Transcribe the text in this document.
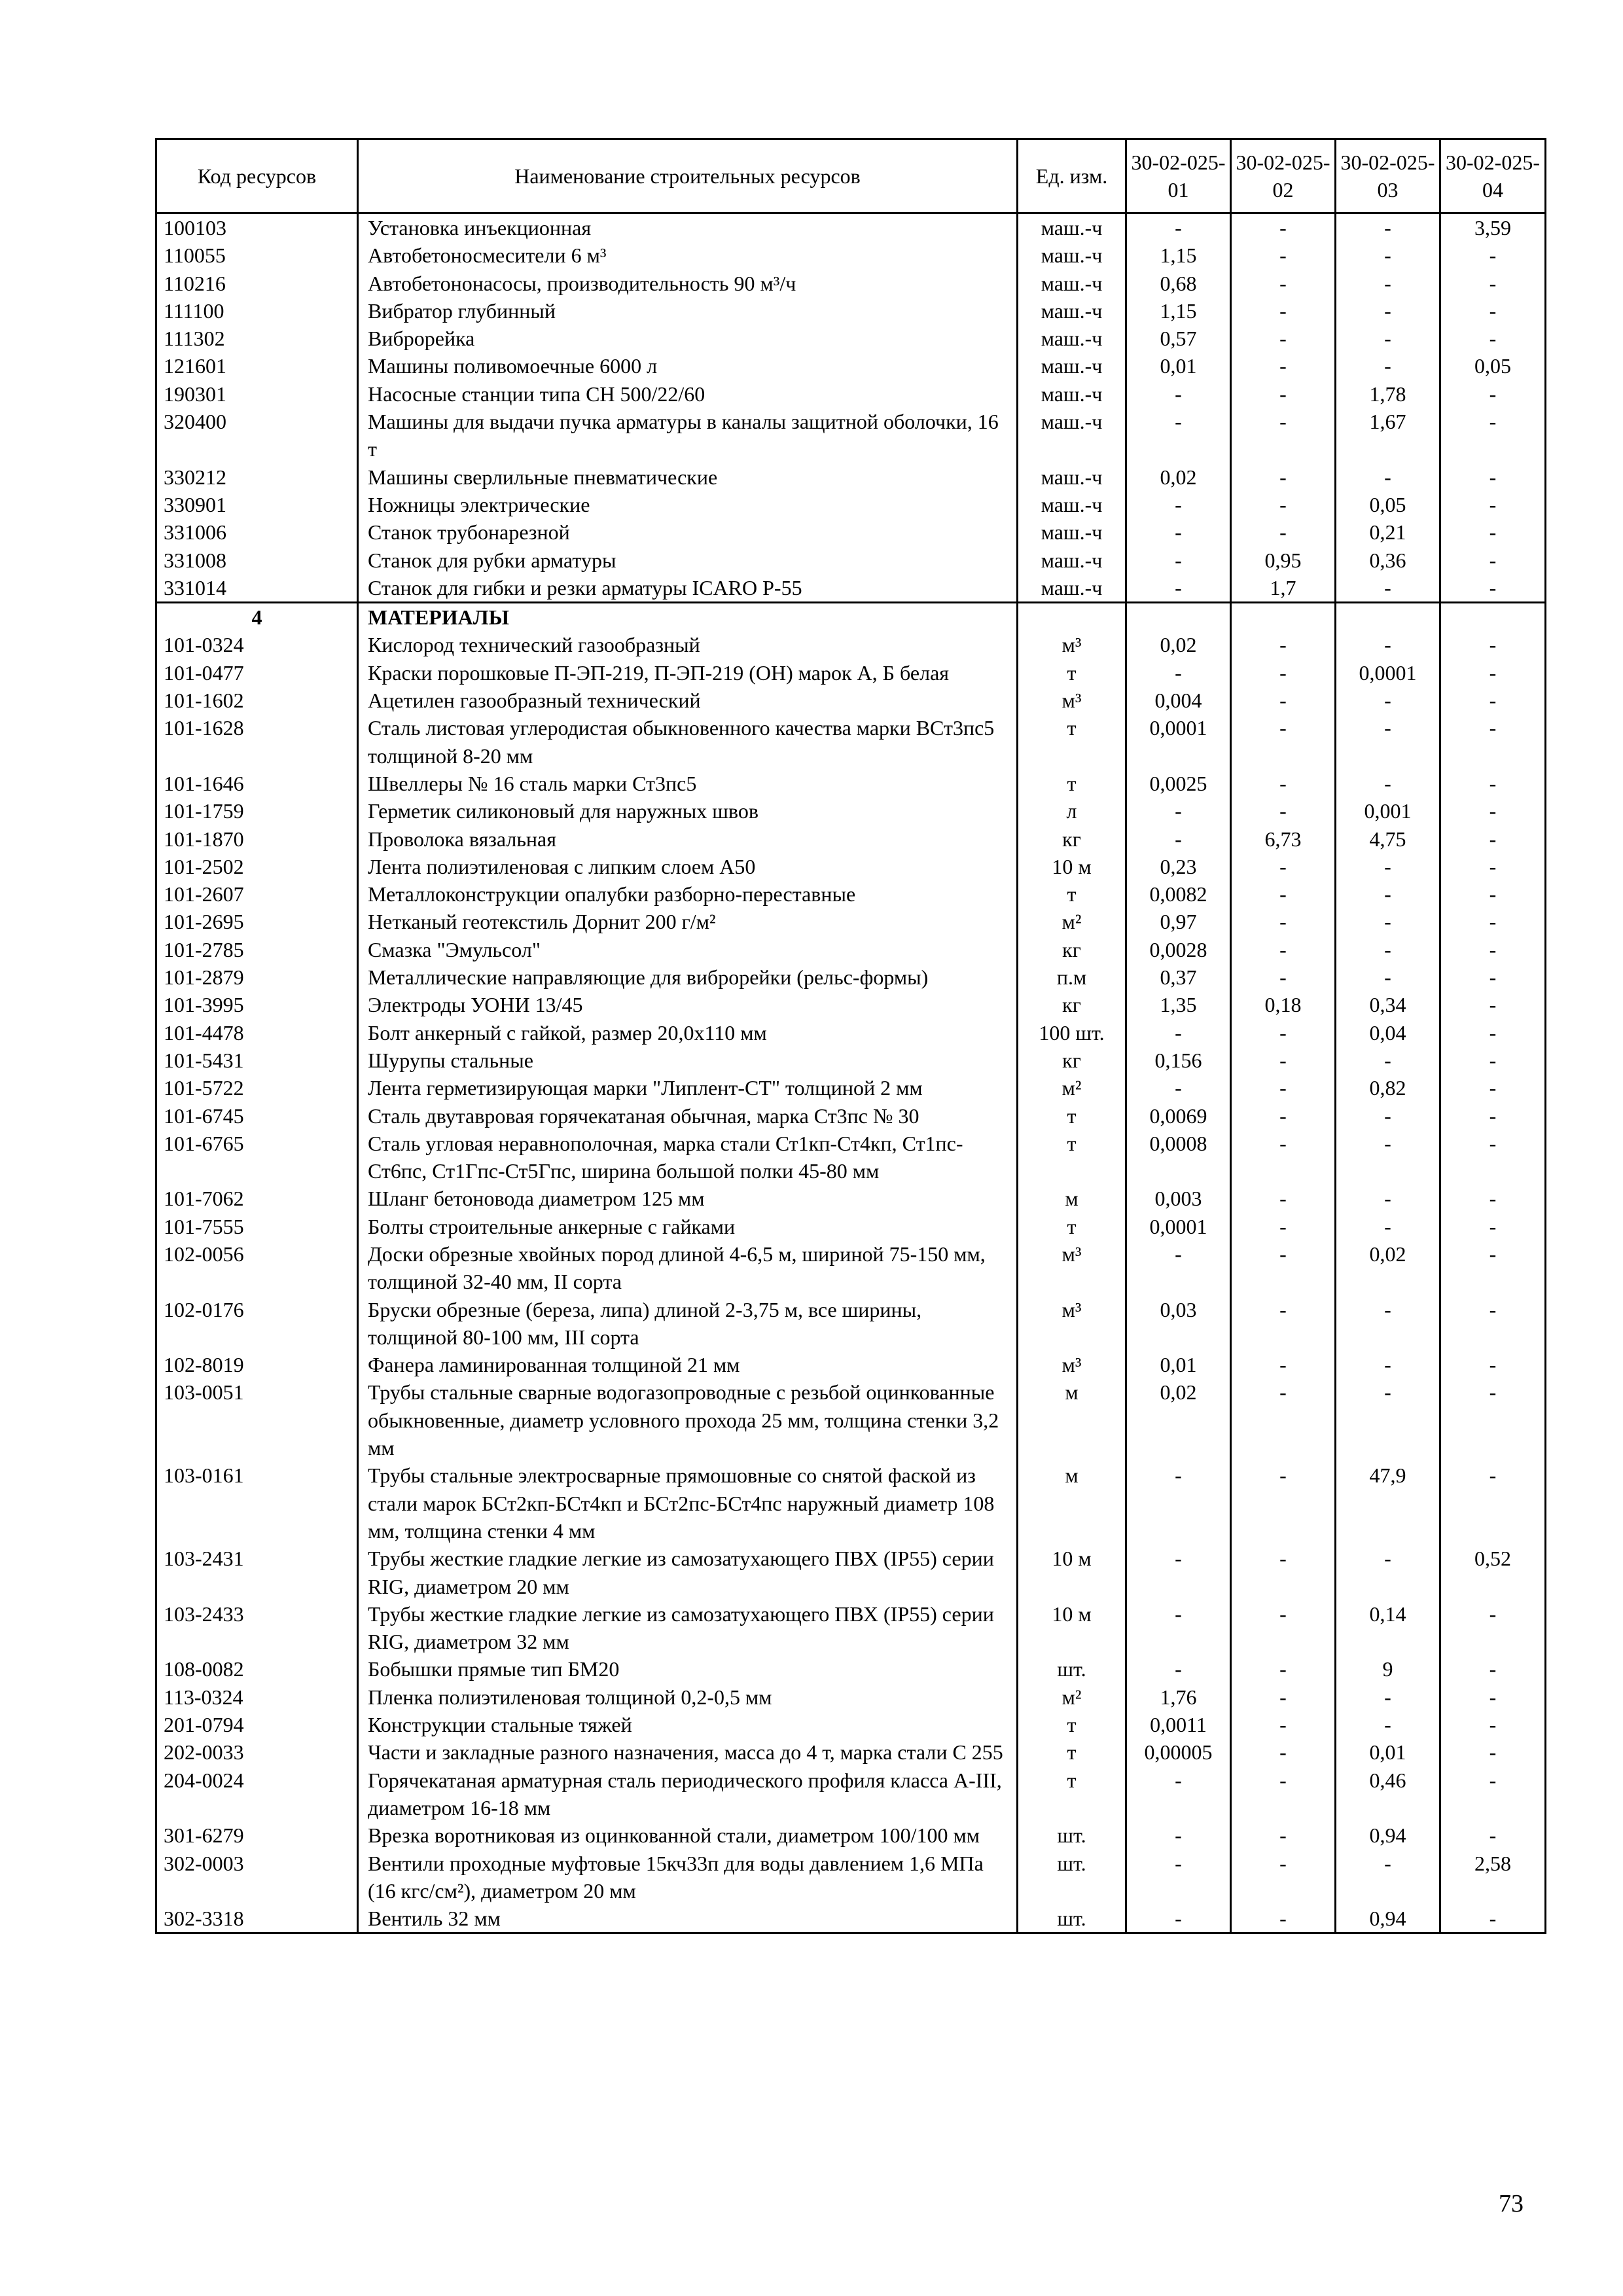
Код ресурсов	Наименование строительных ресурсов	Ед. изм.	30-02-025-01	30-02-025-02	30-02-025-03	30-02-025-04
100103	Установка инъекционная	маш.-ч	-	-	-	3,59
110055	Автобетоносмесители 6 м³	маш.-ч	1,15	-	-	-
110216	Автобетононасосы, производительность 90 м³/ч	маш.-ч	0,68	-	-	-
111100	Вибратор глубинный	маш.-ч	1,15	-	-	-
111302	Виброрейка	маш.-ч	0,57	-	-	-
121601	Машины поливомоечные 6000 л	маш.-ч	0,01	-	-	0,05
190301	Насосные станции типа СН 500/22/60	маш.-ч	-	-	1,78	-
320400	Машины для выдачи пучка арматуры в каналы защитной оболочки, 16 т	маш.-ч	-	-	1,67	-
330212	Машины сверлильные пневматические	маш.-ч	0,02	-	-	-
330901	Ножницы электрические	маш.-ч	-	-	0,05	-
331006	Станок трубонарезной	маш.-ч	-	-	0,21	-
331008	Станок для рубки арматуры	маш.-ч	-	0,95	0,36	-
331014	Станок для гибки и резки арматуры ICARO P-55	маш.-ч	-	1,7	-	-
4	МАТЕРИАЛЫ					
101-0324	Кислород технический газообразный	м³	0,02	-	-	-
101-0477	Краски порошковые П-ЭП-219, П-ЭП-219 (ОН) марок А, Б белая	т	-	-	0,0001	-
101-1602	Ацетилен газообразный технический	м³	0,004	-	-	-
101-1628	Сталь листовая углеродистая обыкновенного качества марки ВСт3пс5 толщиной 8-20 мм	т	0,0001	-	-	-
101-1646	Швеллеры № 16 сталь марки Ст3пс5	т	0,0025	-	-	-
101-1759	Герметик силиконовый для наружных швов	л	-	-	0,001	-
101-1870	Проволока вязальная	кг	-	6,73	4,75	-
101-2502	Лента полиэтиленовая с липким слоем А50	10 м	0,23	-	-	-
101-2607	Металлоконструкции опалубки разборно-переставные	т	0,0082	-	-	-
101-2695	Нетканый геотекстиль Дорнит 200 г/м²	м²	0,97	-	-	-
101-2785	Смазка "Эмульсол"	кг	0,0028	-	-	-
101-2879	Металлические направляющие для виброрейки (рельс-формы)	п.м	0,37	-	-	-
101-3995	Электроды УОНИ 13/45	кг	1,35	0,18	0,34	-
101-4478	Болт анкерный с гайкой, размер 20,0х110 мм	100 шт.	-	-	0,04	-
101-5431	Шурупы стальные	кг	0,156	-	-	-
101-5722	Лента герметизирующая марки "Липлент-СТ" толщиной 2 мм	м²	-	-	0,82	-
101-6745	Сталь двутавровая горячекатаная обычная, марка Ст3пс № 30	т	0,0069	-	-	-
101-6765	Сталь угловая неравнополочная, марка стали Ст1кп-Ст4кп, Ст1пс-Ст6пс, Ст1Гпс-Ст5Гпс, ширина большой полки 45-80 мм	т	0,0008	-	-	-
101-7062	Шланг бетоновода диаметром 125 мм	м	0,003	-	-	-
101-7555	Болты строительные анкерные с гайками	т	0,0001	-	-	-
102-0056	Доски обрезные хвойных пород длиной 4-6,5 м, шириной 75-150 мм, толщиной 32-40 мм, II сорта	м³	-	-	0,02	-
102-0176	Бруски обрезные (береза, липа) длиной 2-3,75 м, все ширины, толщиной 80-100 мм, III сорта	м³	0,03	-	-	-
102-8019	Фанера ламинированная толщиной 21 мм	м³	0,01	-	-	-
103-0051	Трубы стальные сварные водогазопроводные с резьбой оцинкованные обыкновенные, диаметр условного прохода 25 мм, толщина стенки 3,2 мм	м	0,02	-	-	-
103-0161	Трубы стальные электросварные прямошовные со снятой фаской из стали марок БСт2кп-БСт4кп и БСт2пс-БСт4пс наружный диаметр 108 мм, толщина стенки 4 мм	м	-	-	47,9	-
103-2431	Трубы жесткие гладкие легкие из самозатухающего ПВХ (IP55) серии RIG, диаметром 20 мм	10 м	-	-	-	0,52
103-2433	Трубы жесткие гладкие легкие из самозатухающего ПВХ (IP55) серии RIG, диаметром 32 мм	10 м	-	-	0,14	-
108-0082	Бобышки прямые тип БМ20	шт.	-	-	9	-
113-0324	Пленка полиэтиленовая толщиной 0,2-0,5 мм	м²	1,76	-	-	-
201-0794	Конструкции стальные тяжей	т	0,0011	-	-	-
202-0033	Части и закладные разного назначения, масса до 4 т, марка стали С 255	т	0,00005	-	0,01	-
204-0024	Горячекатаная арматурная сталь периодического профиля класса А-III, диаметром 16-18 мм	т	-	-	0,46	-
301-6279	Врезка воротниковая из оцинкованной стали, диаметром 100/100 мм	шт.	-	-	0,94	-
302-0003	Вентили проходные муфтовые 15кч33п для воды давлением 1,6 МПа (16 кгс/см²), диаметром 20 мм	шт.	-	-	-	2,58
302-3318	Вентиль 32 мм	шт.	-	-	0,94	-
73
